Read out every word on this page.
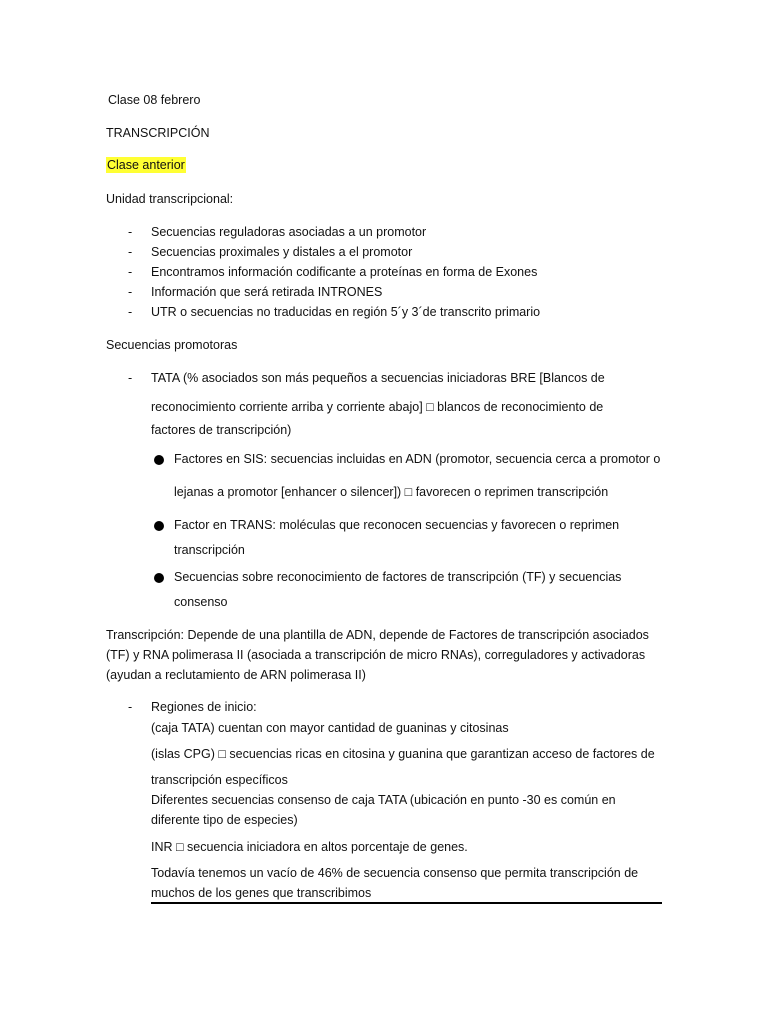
Clase 08 febrero
TRANSCRIPCIÓN
Clase anterior
Unidad transcripcional:
- Secuencias reguladoras asociadas a un promotor
- Secuencias proximales y distales a el promotor
- Encontramos información codificante a proteínas en forma de Exones
- Información que será retirada INTRONES
- UTR o secuencias no traducidas en región 5´y 3´de transcrito primario
Secuencias promotoras
- TATA (% asociados son más pequeños a secuencias iniciadoras BRE [Blancos de
reconocimiento corriente arriba y corriente abajo] □ blancos de reconocimiento de
factores de transcripción)
Factores en SIS: secuencias incluidas en ADN (promotor, secuencia cerca a promotor o
lejanas a promotor [enhancer o silencer]) □ favorecen o reprimen transcripción
Factor en TRANS: moléculas que reconocen secuencias y favorecen o reprimen
transcripción
Secuencias sobre reconocimiento de factores de transcripción (TF) y secuencias
consenso
Transcripción: Depende de una plantilla de ADN, depende de Factores de transcripción asociados
(TF) y RNA polimerasa II (asociada a transcripción de micro RNAs), correguladores y activadoras
(ayudan a reclutamiento de ARN polimerasa II)
- Regiones de inicio:
(caja TATA) cuentan con mayor cantidad de guaninas y citosinas
(islas CPG) □ secuencias ricas en citosina y guanina que garantizan acceso de factores de
transcripción específicos
Diferentes secuencias consenso de caja TATA (ubicación en punto -30 es común en
diferente tipo de especies)
INR □ secuencia iniciadora en altos porcentaje de genes.
Todavía tenemos un vacío de 46% de secuencia consenso que permita transcripción de
muchos de los genes que transcribimos
